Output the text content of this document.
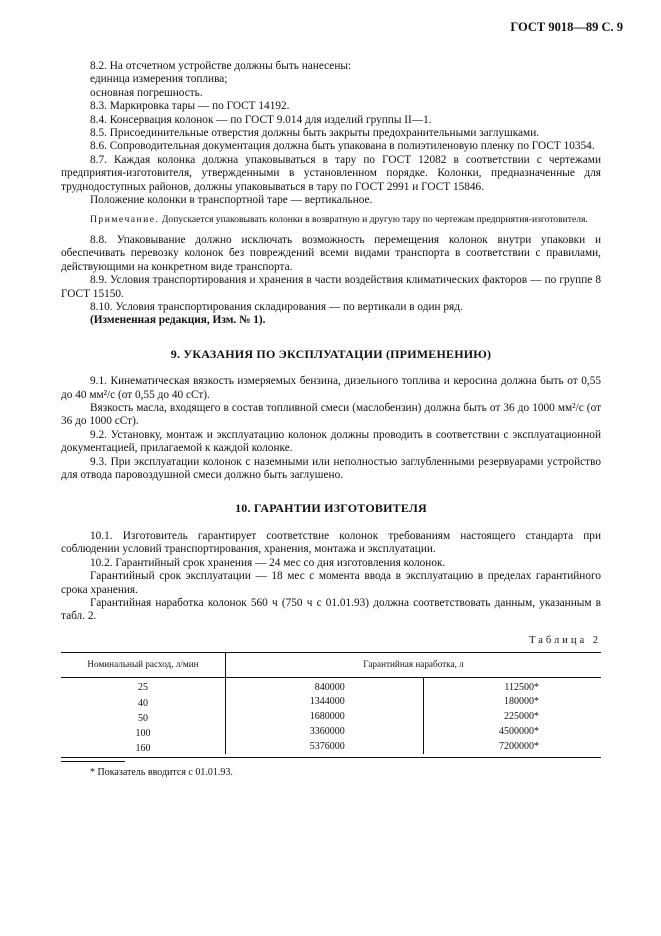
ГОСТ 9018—89 С. 9
8.2. На отсчетном устройстве должны быть нанесены:
единица измерения топлива;
основная погрешность.
8.3. Маркировка тары — по ГОСТ 14192.
8.4. Консервация колонок — по ГОСТ 9.014 для изделий группы II—1.
8.5. Присоединительные отверстия должны быть закрыты предохранительными заглушками.
8.6. Сопроводительная документация должна быть упакована в полиэтиленовую пленку по ГОСТ 10354.
8.7. Каждая колонка должна упаковываться в тару по ГОСТ 12082 в соответствии с чертежами предприятия-изготовителя, утвержденными в установленном порядке. Колонки, предназначенные для труднодоступных районов, должны упаковываться в тару по ГОСТ 2991 и ГОСТ 15846.
Положение колонки в транспортной таре — вертикальное.
Примечание. Допускается упаковывать колонки в возвратную и другую тару по чертежам предприятия-изготовителя.
8.8. Упаковывание должно исключать возможность перемещения колонок внутри упаковки и обеспечивать перевозку колонок без повреждений всеми видами транспорта в соответствии с правилами, действующими на конкретном виде транспорта.
8.9. Условия транспортирования и хранения в части воздействия климатических факторов — по группе 8 ГОСТ 15150.
8.10. Условия транспортирования складирования — по вертикали в один ряд.
(Измененная редакция, Изм. № 1).
9. УКАЗАНИЯ ПО ЭКСПЛУАТАЦИИ (ПРИМЕНЕНИЮ)
9.1. Кинематическая вязкость измеряемых бензина, дизельного топлива и керосина должна быть от 0,55 до 40 мм²/с (от 0,55 до 40 сСт).
Вязкость масла, входящего в состав топливной смеси (маслобензин) должна быть от 36 до 1000 мм²/с (от 36 до 1000 сСт).
9.2. Установку, монтаж и эксплуатацию колонок должны проводить в соответствии с эксплуатационной документацией, прилагаемой к каждой колонке.
9.3. При эксплуатации колонок с наземными или неполностью заглубленными резервуарами устройство для отвода паровоздушной смеси должно быть заглушено.
10. ГАРАНТИИ ИЗГОТОВИТЕЛЯ
10.1. Изготовитель гарантирует соответствие колонок требованиям настоящего стандарта при соблюдении условий транспортирования, хранения, монтажа и эксплуатации.
10.2. Гарантийный срок хранения — 24 мес со дня изготовления колонок.
Гарантийный срок эксплуатации — 18 мес с момента ввода в эксплуатацию в пределах гарантийного срока хранения.
Гарантийная наработка колонок 560 ч (750 ч с 01.01.93) должна соответствовать данным, указанным в табл. 2.
Таблица 2
Номинальный расход, л/мин	Гарантийная наработка, л	
25	840000	112500*
40	1344000	180000*
50	1680000	225000*
100	3360000	4500000*
160	5376000	7200000*
* Показатель вводится с 01.01.93.
